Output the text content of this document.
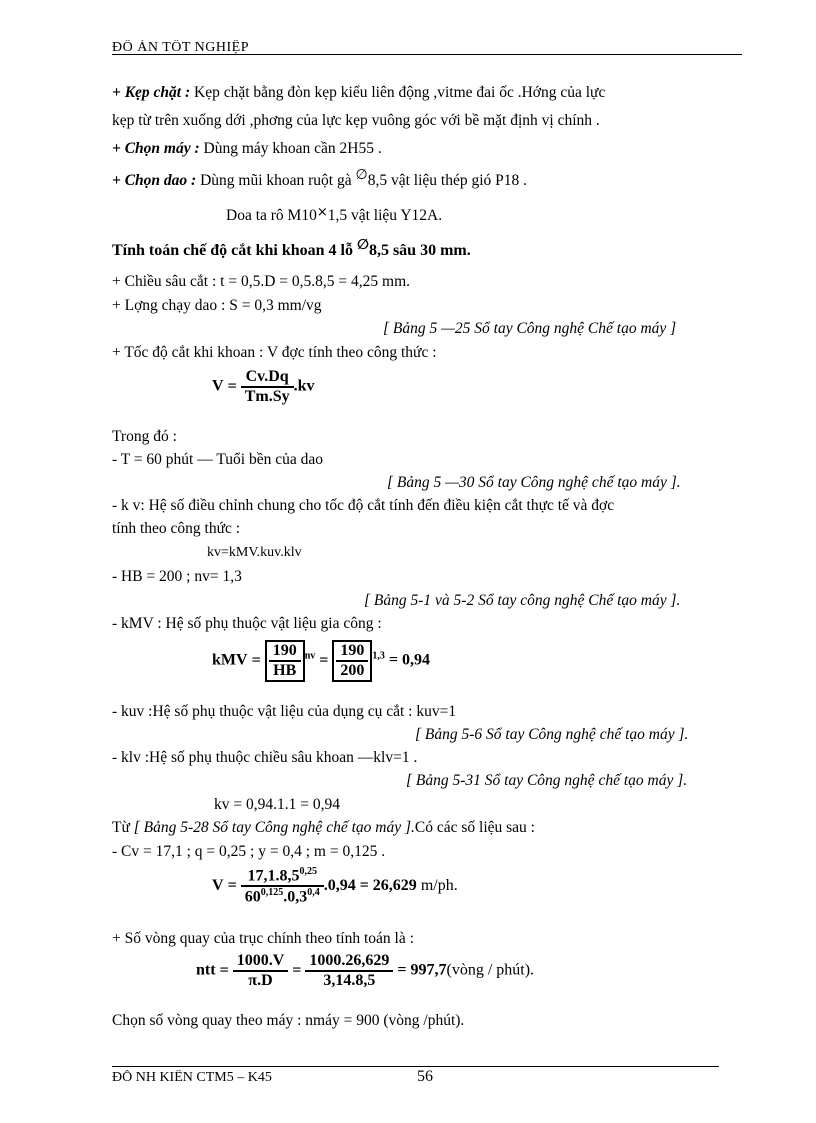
ĐỒ ÁN TỐT NGHIỆP
+ Kẹp chặt : Kẹp chặt bằng đòn kẹp kiểu liên động ,vitme đai ốc .Hớng của lực
kẹp từ trên xuống dới ,phơng của lực kẹp vuông góc với bề mặt định vị chính .
+ Chọn máy : Dùng máy khoan cần 2H55 .
+ Chọn dao : Dùng mũi khoan ruột gà ∅8,5 vật liệu thép gió P18 .
Doa ta rô M10×1,5 vật liệu Y12A.
Tính toán chế độ cắt khi khoan 4 lỗ ∅8,5 sâu 30 mm.
+ Chiều sâu cắt : t = 0,5.D = 0,5.8,5 = 4,25 mm.
+ Lợng chạy dao : S = 0,3 mm/vg
[ Bảng 5 —25 Sổ tay Công nghệ Chế tạo máy ]
+ Tốc độ cắt khi khoan : V đợc tính theo công thức :
$V = \frac{Cv.Dq}{Tm.Sy} .kv$
Trong đó :
- T = 60 phút — Tuổi bền của dao
[ Bảng 5 —30 Sổ tay Công nghệ chế tạo máy ].
- k v: Hệ số điều chỉnh chung cho tốc độ cắt tính đến điều kiện cắt thực tế và đợc
tính theo công thức :
kv=kMV.kuv.klv
- HB = 200 ; nv= 1,3
[ Bảng 5-1 và 5-2 Sổ tay công nghệ Chế tạo máy ].
- kMV : Hệ số phụ thuộc vật liệu gia công :
kMV = $\frac{190}{HB} ^{nv} = \frac{190}{200} ^{1,3} = 0,94$
- kuv :Hệ số phụ thuộc vật liệu của dụng cụ cắt : kuv=1
[ Bảng 5-6 Sổ tay Công nghệ chế tạo máy ].
- klv :Hệ số phụ thuộc chiều sâu khoan —klv=1 .
[ Bảng 5-31 Sổ tay Công nghệ chế tạo máy ].
kv = 0,94.1.1 = 0,94
Từ [ Bảng 5-28 Sổ tay Công nghệ chế tạo máy ].Có các số liệu sau :
- Cv = 17,1 ; q = 0,25 ; y = 0,4 ; m = 0,125 .
$V = \frac{17,1.8,5^{0,25}}{60^{0,125}.0,3^{0,4}} .0,94 = 26,629$ m/ph.
+ Số vòng quay của trục chính theo tính toán là :
ntt = $\frac{1000.V}{\pi.D} = \frac{1000.26,629}{3,14.8,5}$ = 997,7(vòng / phút).
Chọn số vòng quay theo máy : nmáy = 900 (vòng /phút).
ĐỖ NH KIÊN CTM5 – K45	56
